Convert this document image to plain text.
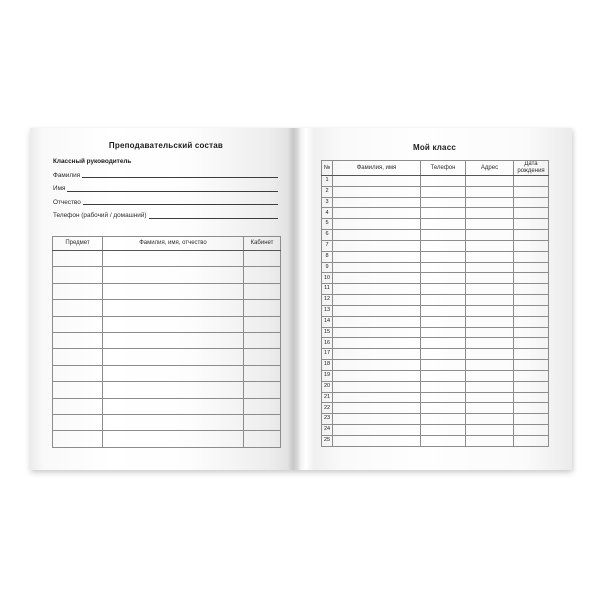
Преподавательский состав
Классный руководитель
Фамилия
Имя
Отчество
Телефон (рабочий / домашний)
Предмет	Фамилия, имя, отчество	Кабинет

Мой класс
№	Фамилия, имя	Телефон	Адрес	Дата рождения
1				
2				
3				
4				
5				
6				
7				
8				
9				
10				
11				
12				
13				
14				
15				
16				
17				
18				
19				
20				
21				
22				
23				
24				
25				
